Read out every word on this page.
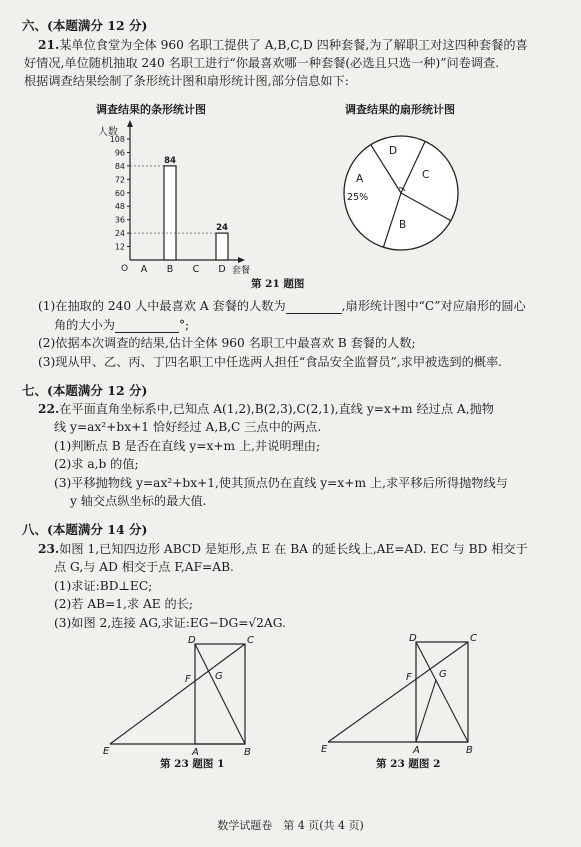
六、(本题满分 12 分)
21.某单位食堂为全体 960 名职工提供了 A,B,C,D 四种套餐,为了解职工对这四种套餐的喜
好情况,单位随机抽取 240 名职工进行“你最喜欢哪一种套餐(必选且只选一种)”问卷调查.
根据调查结果绘制了条形统计图和扇形统计图,部分信息如下:
调查结果的条形统计图
人数
套餐
O
12
24
36
48
60
72
84
96
108
A B
84
C D
24
调查结果的扇形统计图
A
B
C
D
25%
第 21 题图
(1)在抽取的 240 人中最喜欢 A 套餐的人数为	,扇形统计图中“C”对应扇形的圆心
角的大小为	°;
(2)依据本次调查的结果,估计全体 960 名职工中最喜欢 B 套餐的人数;
(3)现从甲、乙、丙、丁四名职工中任选两人担任“食品安全监督员”,求甲被选到的概率.
七、(本题满分 12 分)
22.在平面直角坐标系中,已知点 A(1,2),B(2,3),C(2,1),直线 y=x+m 经过点 A,抛物
线 y=ax²+bx+1 恰好经过 A,B,C 三点中的两点.
(1)判断点 B 是否在直线 y=x+m 上,并说明理由;
(2)求 a,b 的值;
(3)平移抛物线 y=ax²+bx+1,使其顶点仍在直线 y=x+m 上,求平移后所得抛物线与
y 轴交点纵坐标的最大值.
八、(本题满分 14 分)
23.如图 1,已知四边形 ABCD 是矩形,点 E 在 BA 的延长线上,AE=AD. EC 与 BD 相交于
点 G,与 AD 相交于点 F,AF=AB.
(1)求证:BD⊥EC;
(2)若 AB=1,求 AE 的长;
(3)如图 2,连接 AG,求证:EG−DG=√2AG.
D	C
F G
E	A	B
第 23 题图 1
D	C
F	G
E	A	B
第 23 题图 2
数学试题卷　第 4 页(共 4 页)
